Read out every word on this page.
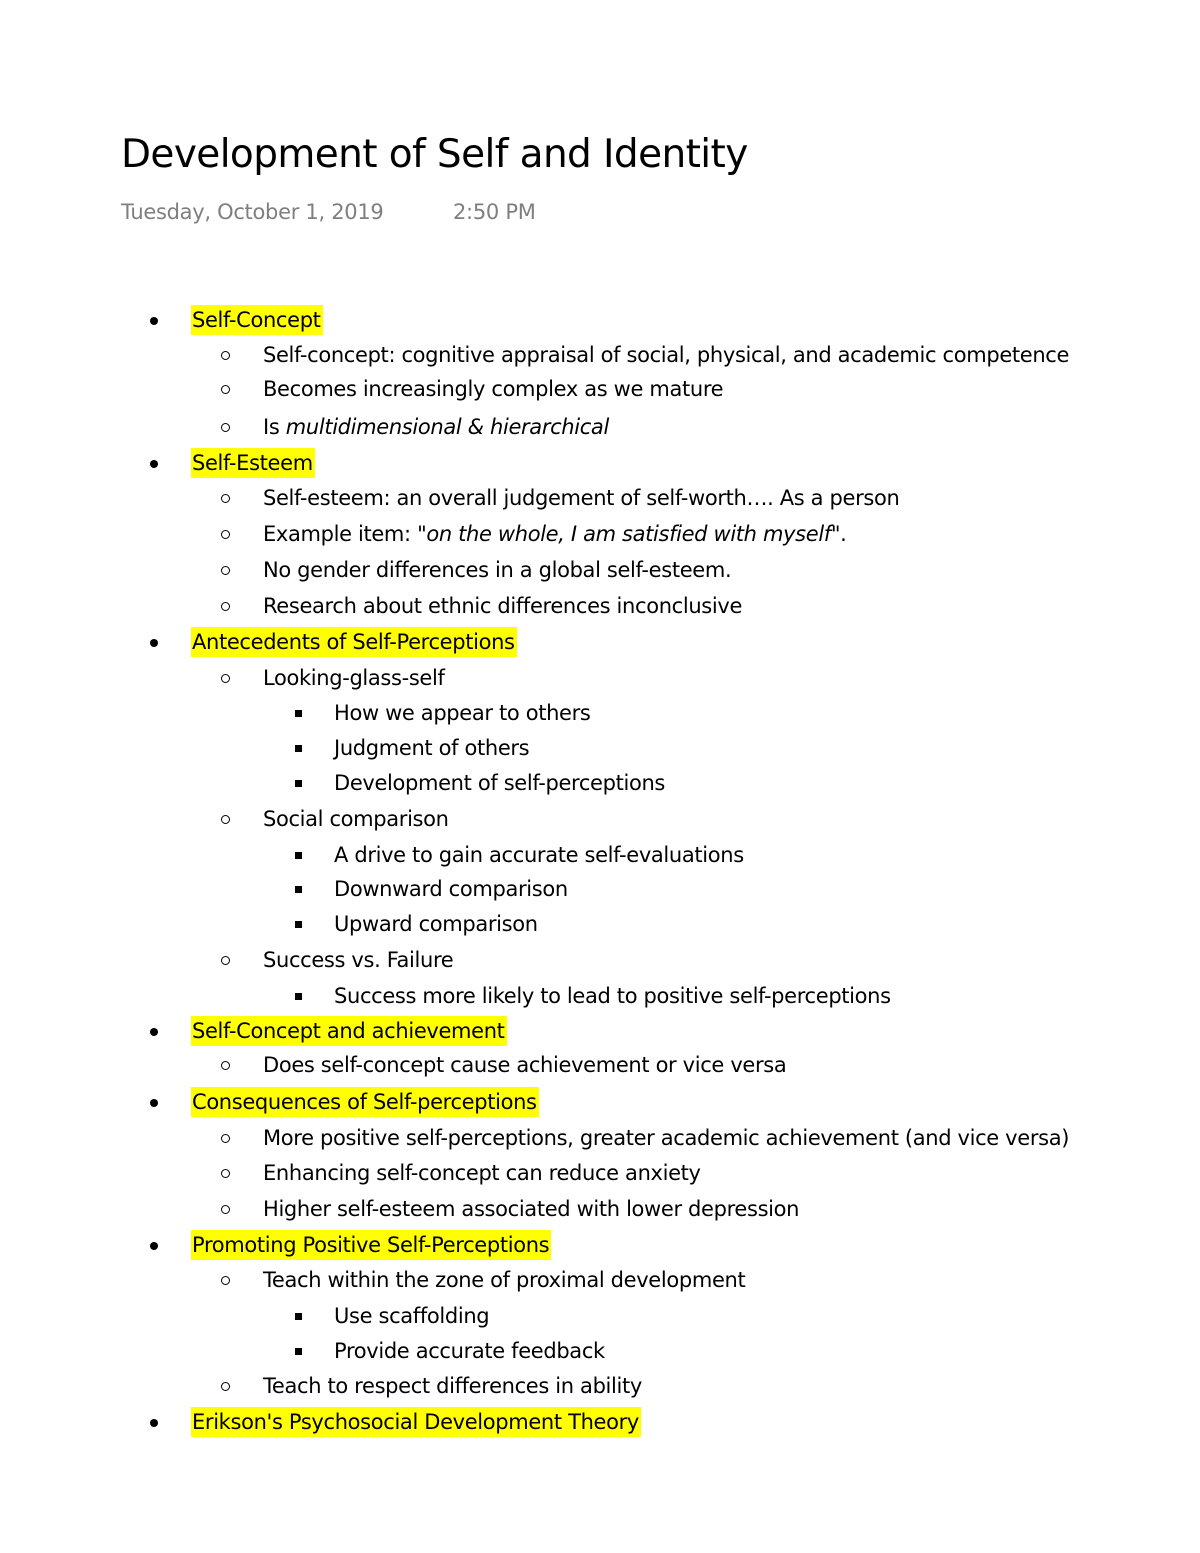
Development of Self and Identity
Tuesday, October 1, 2019	2:50 PM
Self-Concept
Self-concept: cognitive appraisal of social, physical, and academic competence
Becomes increasingly complex as we mature
Is multidimensional & hierarchical
Self-Esteem
Self-esteem: an overall judgement of self-worth…. As a person
Example item: "on the whole, I am satisfied with myself".
No gender differences in a global self-esteem.
Research about ethnic differences inconclusive
Antecedents of Self-Perceptions
Looking-glass-self
How we appear to others
Judgment of others
Development of self-perceptions
Social comparison
A drive to gain accurate self-evaluations
Downward comparison
Upward comparison
Success vs. Failure
Success more likely to lead to positive self-perceptions
Self-Concept and achievement
Does self-concept cause achievement or vice versa
Consequences of Self-perceptions
More positive self-perceptions, greater academic achievement (and vice versa)
Enhancing self-concept can reduce anxiety
Higher self-esteem associated with lower depression
Promoting Positive Self-Perceptions
Teach within the zone of proximal development
Use scaffolding
Provide accurate feedback
Teach to respect differences in ability
Erikson's Psychosocial Development Theory
